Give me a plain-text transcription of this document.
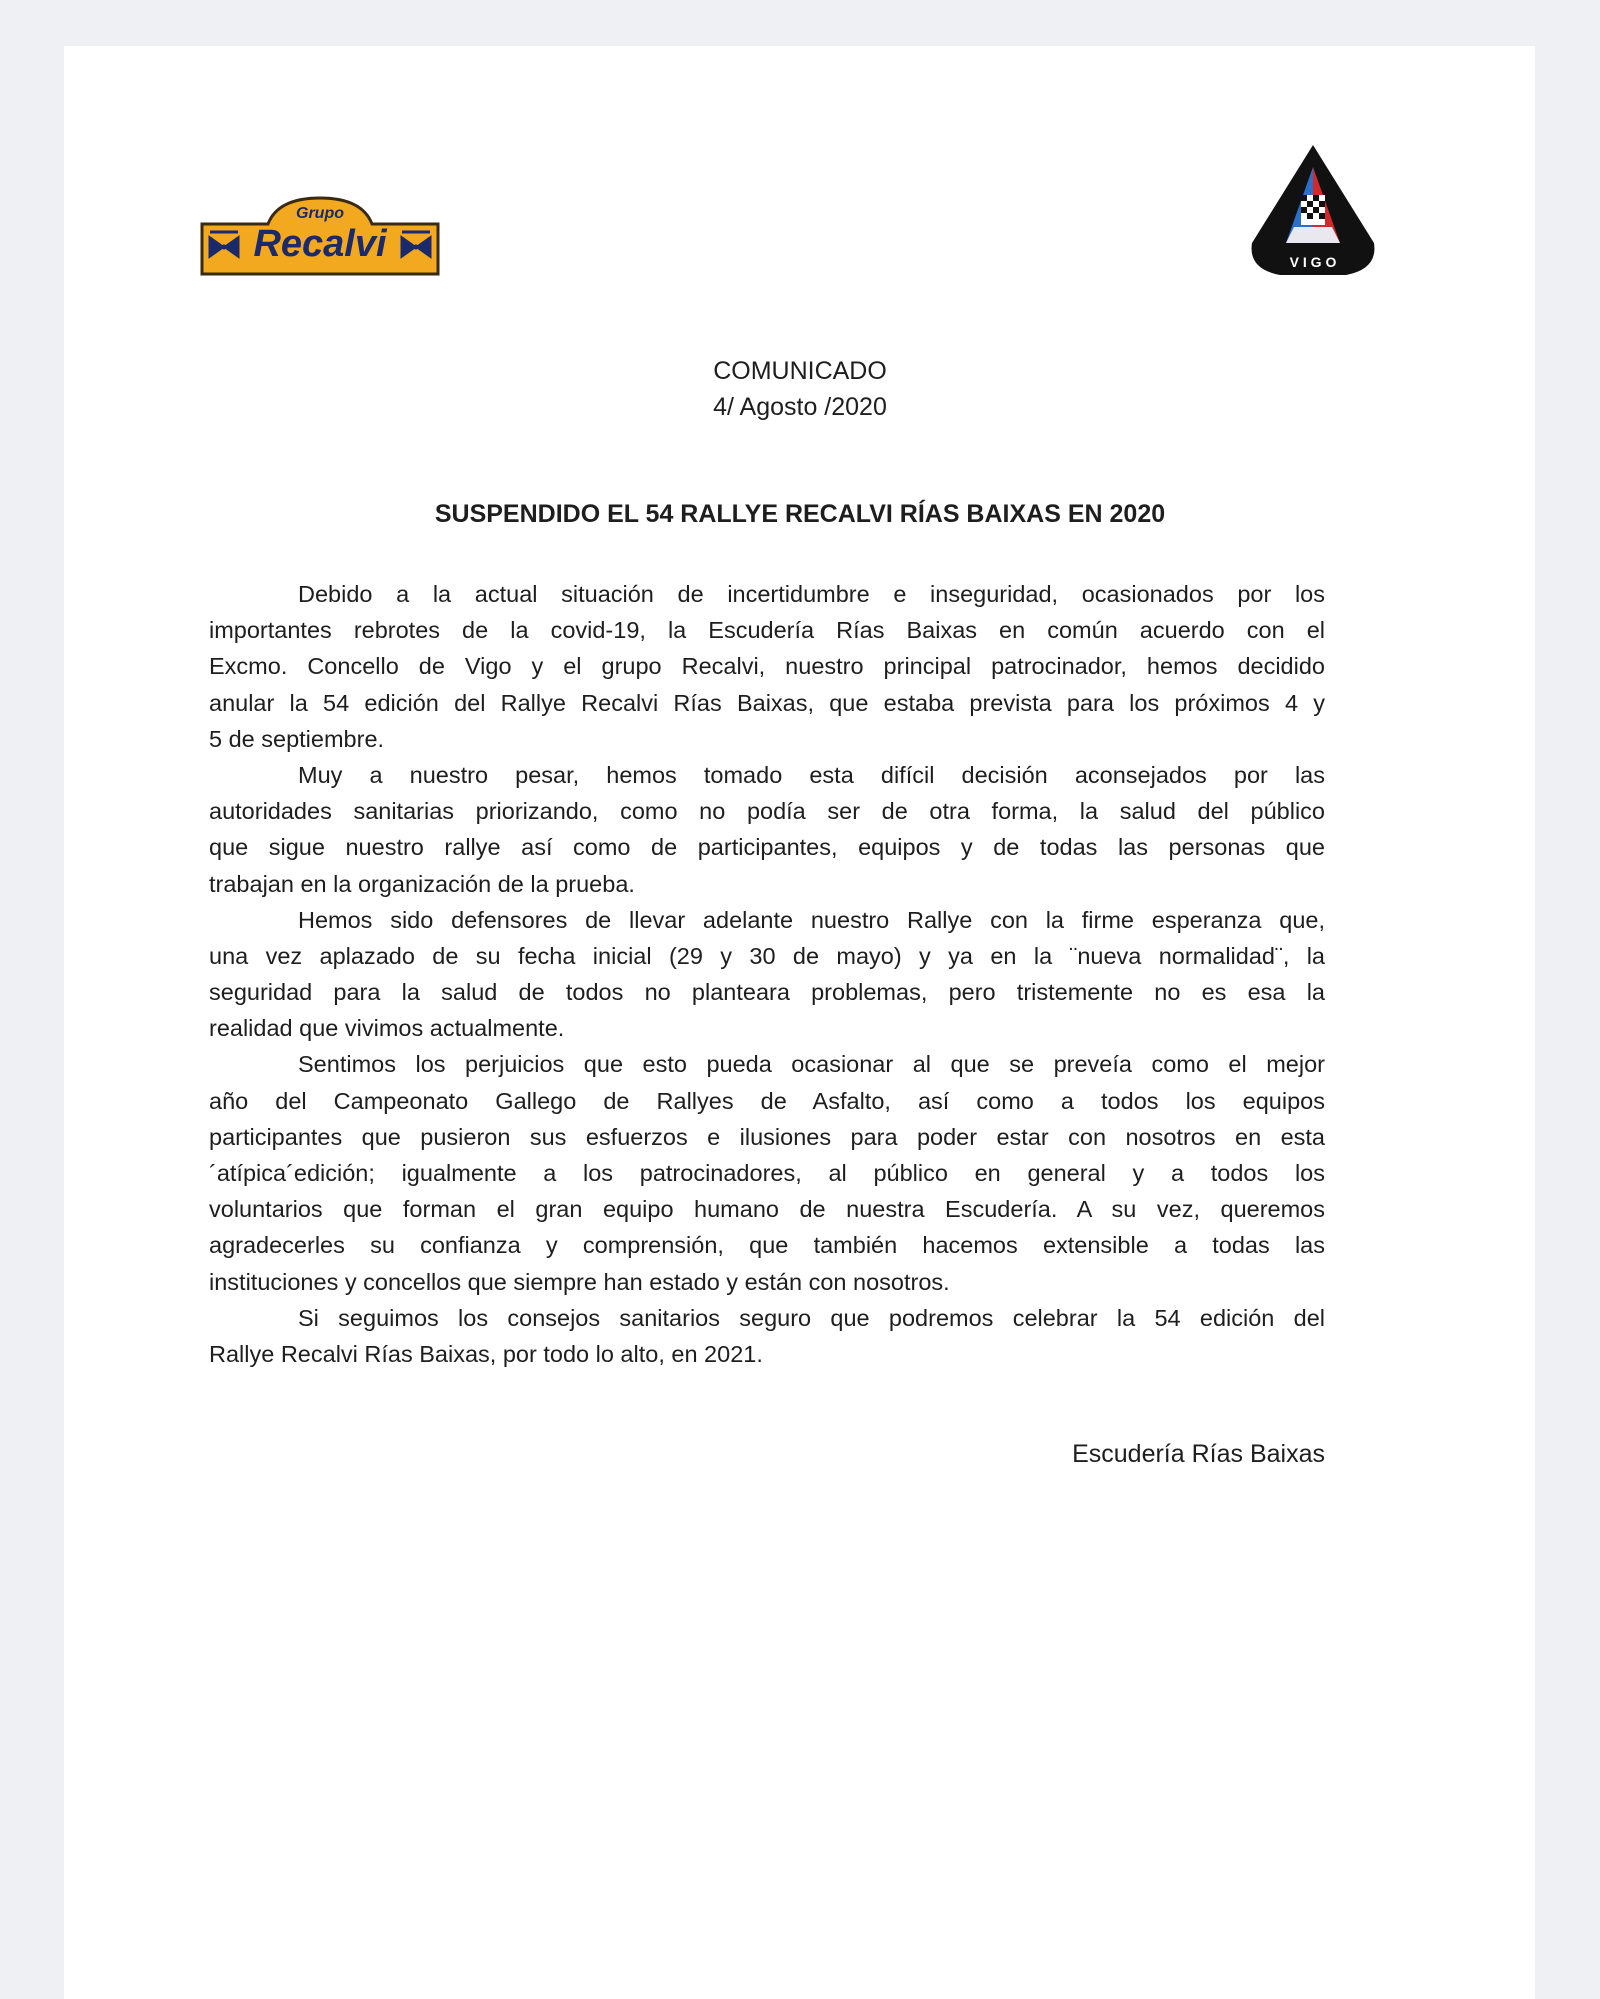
Grupo
Recalvi	V I G O
COMUNICADO
4/ Agosto /2020
SUSPENDIDO EL 54 RALLYE RECALVI RÍAS BAIXAS EN 2020
Debido a la actual situación de incertidumbre e inseguridad, ocasionados por los
importantes rebrotes de la covid-19, la Escudería Rías Baixas en común acuerdo con el
Excmo. Concello de Vigo y el grupo Recalvi, nuestro principal patrocinador, hemos decidido
anular la 54 edición del Rallye Recalvi Rías Baixas, que estaba prevista para los próximos 4 y
5 de septiembre.
Muy a nuestro pesar, hemos tomado esta difícil decisión aconsejados por las
autoridades sanitarias priorizando, como no podía ser de otra forma, la salud del público
que sigue nuestro rallye así como de participantes, equipos y de todas las personas que
trabajan en la organización de la prueba.
Hemos sido defensores de llevar adelante nuestro Rallye con la firme esperanza que,
una vez aplazado de su fecha inicial (29 y 30 de mayo) y ya en la ¨nueva normalidad¨, la
seguridad para la salud de todos no planteara problemas, pero tristemente no es esa la
realidad que vivimos actualmente.
Sentimos los perjuicios que esto pueda ocasionar al que se preveía como el mejor
año del Campeonato Gallego de Rallyes de Asfalto, así como a todos los equipos
participantes que pusieron sus esfuerzos e ilusiones para poder estar con nosotros en esta
´atípica´edición; igualmente a los patrocinadores, al público en general y a todos los
voluntarios que forman el gran equipo humano de nuestra Escudería. A su vez, queremos
agradecerles su confianza y comprensión, que también hacemos extensible a todas las
instituciones y concellos que siempre han estado y están con nosotros.
Si seguimos los consejos sanitarios seguro que podremos celebrar la 54 edición del
Rallye Recalvi Rías Baixas, por todo lo alto, en 2021.
Escudería Rías Baixas
